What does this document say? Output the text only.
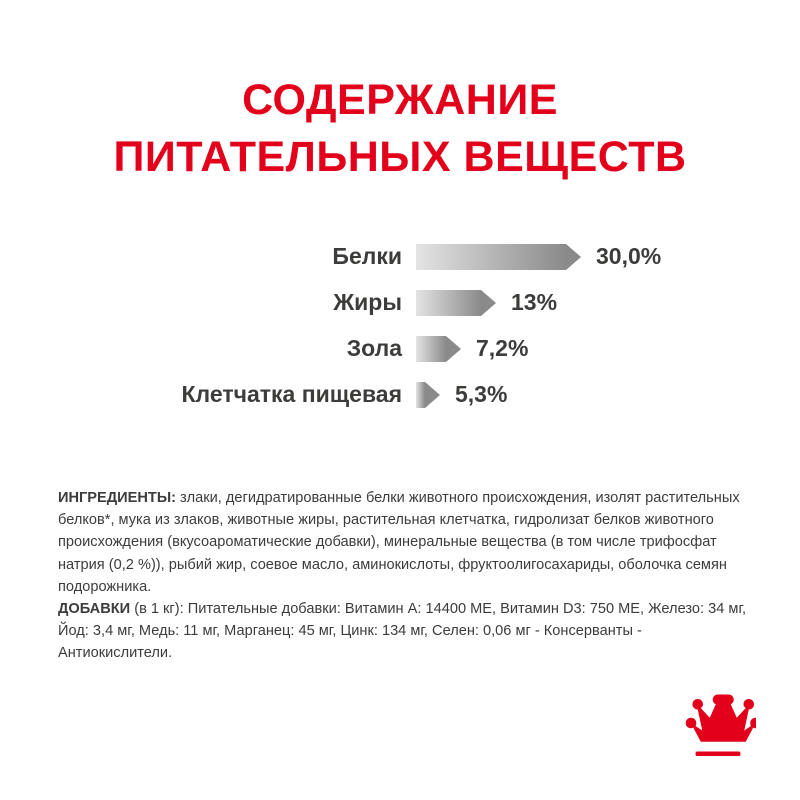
СОДЕРЖАНИЕ
ПИТАТЕЛЬНЫХ ВЕЩЕСТВ
Белки	30,0%
Жиры	13%
Зола	7,2%
Клетчатка пищевая	5,3%

ИНГРЕДИЕНТЫ: злаки, дегидратированные белки животного происхождения, изолят растительных белков*, мука из злаков, животные жиры, растительная клетчатка, гидролизат белков животного происхождения (вкусоароматические добавки), минеральные вещества (в том числе трифосфат натрия (0,2 %)), рыбий жир, соевое масло, аминокислоты, фруктоолигосахариды, оболочка семян подорожника.

ДОБАВКИ (в 1 кг): Питательные добавки: Витамин A: 14400 МЕ, Витамин D3: 750 МЕ, Железо: 34 мг, Йод: 3,4 мг, Медь: 11 мг, Марганец: 45 мг, Цинк: 134 мг, Селен: 0,06 мг - Консерванты - Антиокислители.
